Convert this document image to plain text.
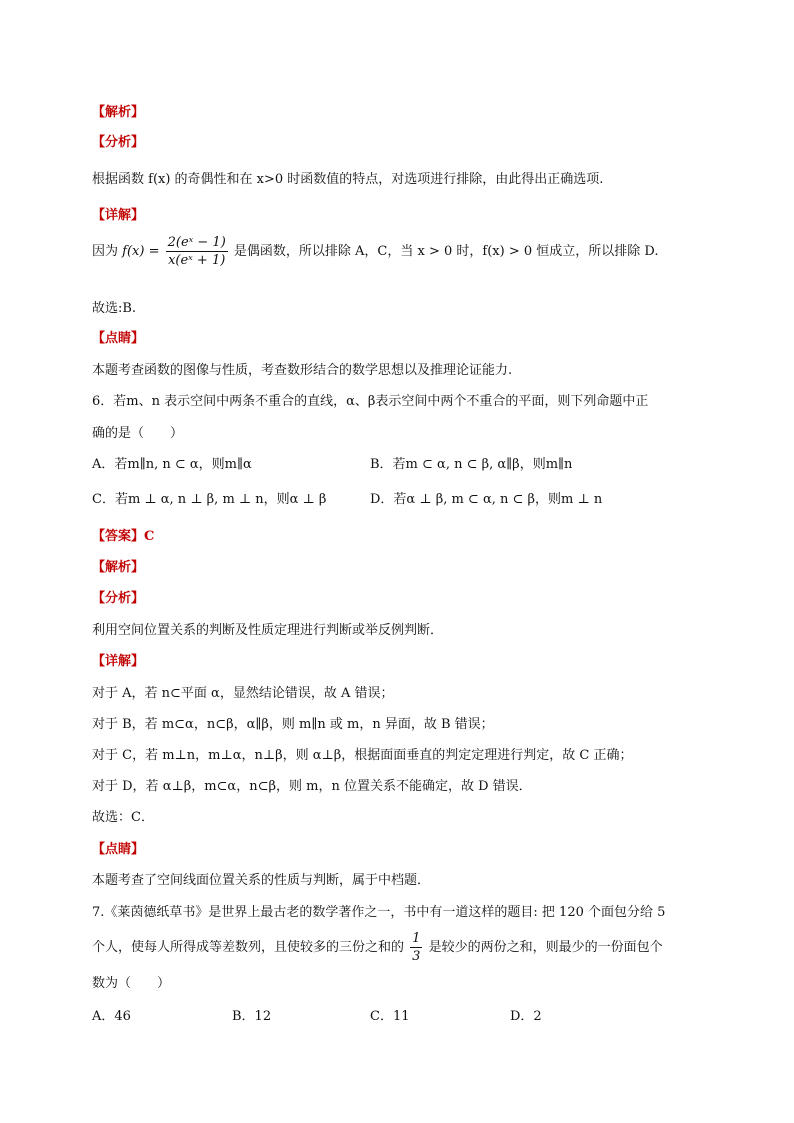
【解析】
【分析】
根据函数 f(x) 的奇偶性和在 x>0 时函数值的特点，对选项进行排除，由此得出正确选项.
【详解】
因为 $f(x) = \frac{\text{2(eˣ − 1)}}{\text{x(eˣ + 1)}}$ 是偶函数，所以排除 A，C，当 x > 0 时，f(x) > 0 恒成立，所以排除 D.
故选:B.
【点睛】
本题考查函数的图像与性质，考查数形结合的数学思想以及推理论证能力.
6．若m、n 表示空间中两条不重合的直线，α、β表示空间中两个不重合的平面，则下列命题中正
确的是（　　）
A．若m∥n, n ⊂ α，则m∥α	B．若m ⊂ α, n ⊂ β, α∥β，则m∥n
C．若m ⊥ α, n ⊥ β, m ⊥ n，则α ⊥ β	D．若α ⊥ β, m ⊂ α, n ⊂ β，则m ⊥ n
【答案】C
【解析】
【分析】
利用空间位置关系的判断及性质定理进行判断或举反例判断．
【详解】
对于 A，若 n⊂平面 α，显然结论错误，故 A 错误；
对于 B，若 m⊂α，n⊂β，α∥β，则 m∥n 或 m，n 异面，故 B 错误；
对于 C，若 m⊥n，m⊥α，n⊥β，则 α⊥β，根据面面垂直的判定定理进行判定，故 C 正确；
对于 D，若 α⊥β，m⊂α，n⊂β，则 m，n 位置关系不能确定，故 D 错误．
故选：C．
【点睛】
本题考查了空间线面位置关系的性质与判断，属于中档题．
7.《莱茵德纸草书》是世界上最古老的数学著作之一，书中有一道这样的题目: 把 120 个面包分给 5
个人，使每人所得成等差数列，且使较多的三份之和的 $\frac{1}{3}$ 是较少的两份之和，则最少的一份面包个
数为（　　）
A．46	B．12	C．11	D．2
